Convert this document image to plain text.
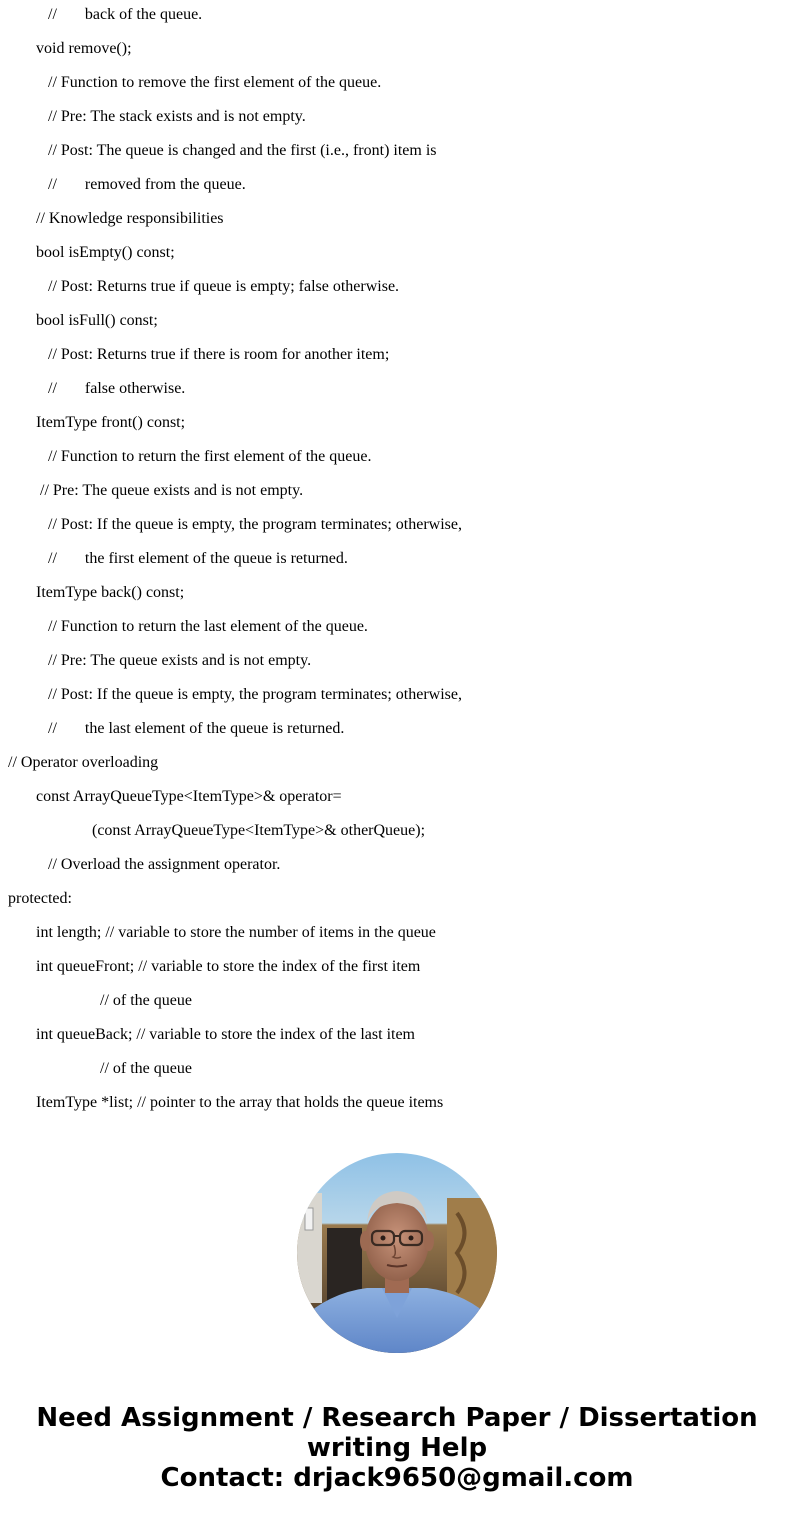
//       back of the queue.
void remove();
// Function to remove the first element of the queue.
// Pre: The stack exists and is not empty.
// Post: The queue is changed and the first (i.e., front) item is
//       removed from the queue.
// Knowledge responsibilities
bool isEmpty() const;
// Post: Returns true if queue is empty; false otherwise.
bool isFull() const;
// Post: Returns true if there is room for another item;
//       false otherwise.
ItemType front() const;
// Function to return the first element of the queue.
// Pre: The queue exists and is not empty.
// Post: If the queue is empty, the program terminates; otherwise,
//       the first element of the queue is returned.
ItemType back() const;
// Function to return the last element of the queue.
// Pre: The queue exists and is not empty.
// Post: If the queue is empty, the program terminates; otherwise,
//       the last element of the queue is returned.
// Operator overloading
const ArrayQueueType<ItemType>& operator=
(const ArrayQueueType<ItemType>& otherQueue);
// Overload the assignment operator.
protected:
int length; // variable to store the number of items in the queue
int queueFront; // variable to store the index of the first item
// of the queue
int queueBack; // variable to store the index of the last item
// of the queue
ItemType *list; // pointer to the array that holds the queue items
Need Assignment / Research Paper / Dissertation
writing Help
Contact: drjack9650@gmail.com
